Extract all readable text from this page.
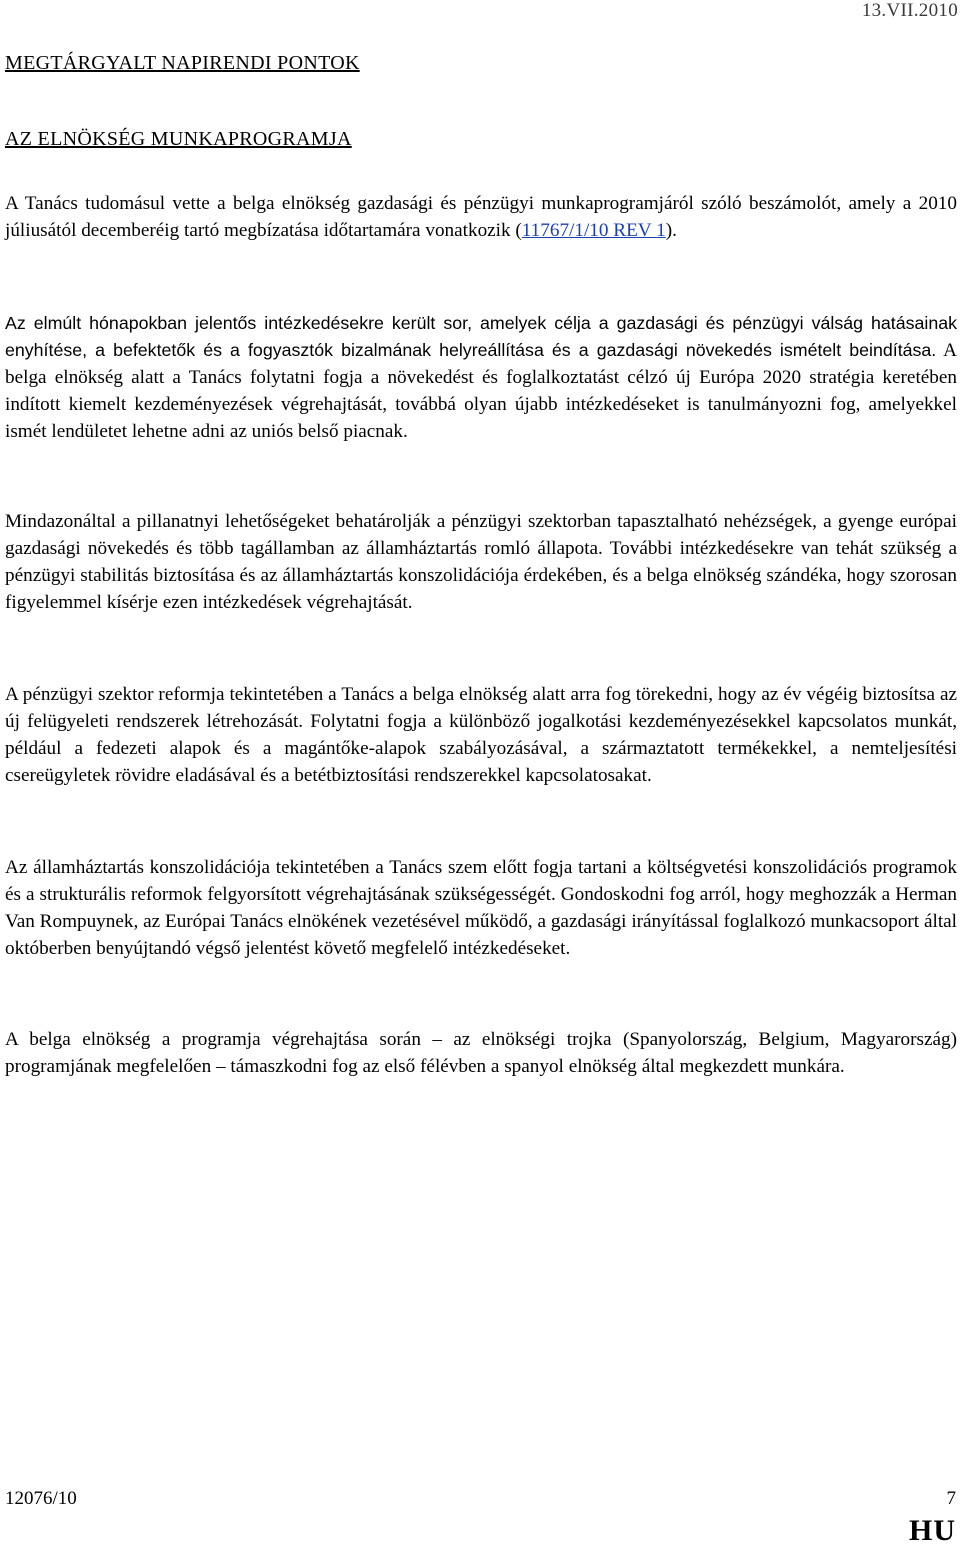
13.VII.2010
MEGTÁRGYALT NAPIRENDI PONTOK
AZ ELNÖKSÉG MUNKAPROGRAMJA

A Tanács tudomásul vette a belga elnökség gazdasági és pénzügyi munkaprogramjáról szóló beszámolót, amely a 2010 júliusától decemberéig tartó megbízatása időtartamára vonatkozik (11767/1/10 REV 1).

Az elmúlt hónapokban jelentős intézkedésekre került sor, amelyek célja a gazdasági és pénzügyi válság hatásainak enyhítése, a befektetők és a fogyasztók bizalmának helyreállítása és a gazdasági növekedés ismételt beindítása. A belga elnökség alatt a Tanács folytatni fogja a növekedést és foglalkoztatást célzó új Európa 2020 stratégia keretében indított kiemelt kezdeményezések végrehajtását, továbbá olyan újabb intézkedéseket is tanulmányozni fog, amelyekkel ismét lendületet lehetne adni az uniós belső piacnak.

Mindazonáltal a pillanatnyi lehetőségeket behatárolják a pénzügyi szektorban tapasztalható nehézségek, a gyenge európai gazdasági növekedés és több tagállamban az államháztartás romló állapota. További intézkedésekre van tehát szükség a pénzügyi stabilitás biztosítása és az államháztartás konszolidációja érdekében, és a belga elnökség szándéka, hogy szorosan figyelemmel kísérje ezen intézkedések végrehajtását.

A pénzügyi szektor reformja tekintetében a Tanács a belga elnökség alatt arra fog törekedni, hogy az év végéig biztosítsa az új felügyeleti rendszerek létrehozását. Folytatni fogja a különböző jogalkotási kezdeményezésekkel kapcsolatos munkát, például a fedezeti alapok és a magántőke-alapok szabályozásával, a származtatott termékekkel, a nemteljesítési csereügyletek rövidre eladásával és a betétbiztosítási rendszerekkel kapcsolatosakat.

Az államháztartás konszolidációja tekintetében a Tanács szem előtt fogja tartani a költségvetési konszolidációs programok és a strukturális reformok felgyorsított végrehajtásának szükségességét. Gondoskodni fog arról, hogy meghozzák a Herman Van Rompuynek, az Európai Tanács elnökének vezetésével működő, a gazdasági irányítással foglalkozó munkacsoport által októberben benyújtandó végső jelentést követő megfelelő intézkedéseket.

A belga elnökség a programja végrehajtása során – az elnökségi trojka (Spanyolország, Belgium, Magyarország) programjának megfelelően – támaszkodni fog az első félévben a spanyol elnökség által megkezdett munkára.

12076/10	7
HU
